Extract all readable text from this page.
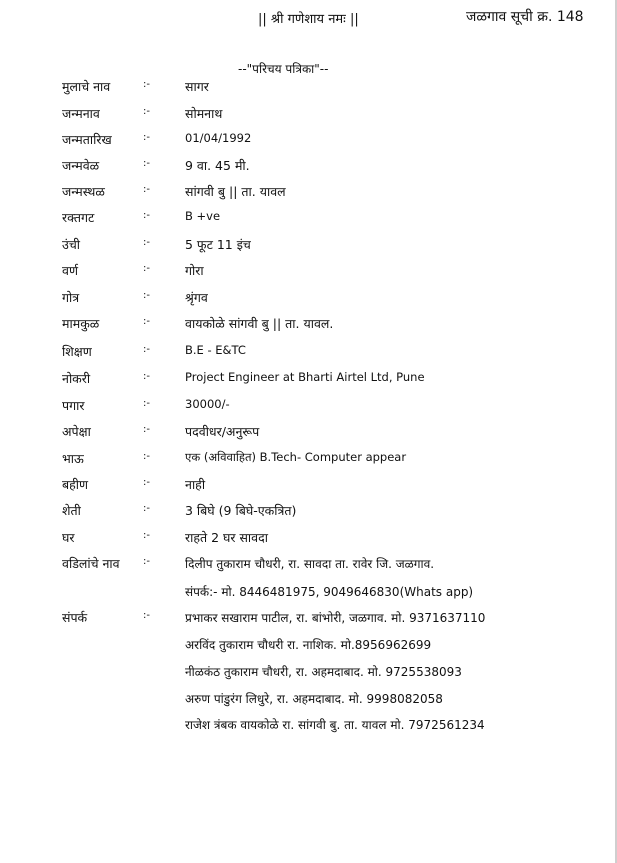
|| श्री गणेशाय नमः ||	जळगाव सूची क्र. 148
--"परिचय पत्रिका"--
मुलाचे नाव	:-	सागर
जन्मनाव	:-	सोमनाथ
जन्मतारिख	:-	01/04/1992
जन्मवेळ	:-	9 वा. 45 मी.
जन्मस्थळ	:-	सांगवी बु || ता. यावल
रक्तगट	:-	B +ve
उंची	:-	5 फूट 11 इंच
वर्ण	:-	गोरा
गोत्र	:-	श्रृंगव
मामकुळ	:-	वायकोळे सांगवी बु || ता. यावल.
शिक्षण	:-	B.E - E&TC
नोकरी	:-	Project Engineer at Bharti Airtel Ltd, Pune
पगार	:-	30000/-
अपेक्षा	:-	पदवीधर/अनुरूप
भाऊ	:-	एक (अविवाहित) B.Tech- Computer appear
बहीण	:-	नाही
शेती	:-	3 बिघे (9 बिघे-एकत्रित)
घर	:-	राहते 2 घर सावदा
वडिलांचे नाव :-	दिलीप तुकाराम चौधरी, रा. सावदा ता. रावेर जि. जळगाव.
संपर्क:- मो. 8446481975, 9049646830(Whats app)
संपर्क	:-	प्रभाकर सखाराम पाटील, रा. बांभोरी, जळगाव. मो. 9371637110
अरविंद तुकाराम चौधरी रा. नाशिक. मो.8956962699
नीळकंठ तुकाराम चौधरी, रा. अहमदाबाद. मो. 9725538093
अरुण पांडुरंग लिधुरे, रा. अहमदाबाद. मो. 9998082058
राजेश त्रंबक वायकोळे रा. सांगवी बु. ता. यावल मो. 7972561234
